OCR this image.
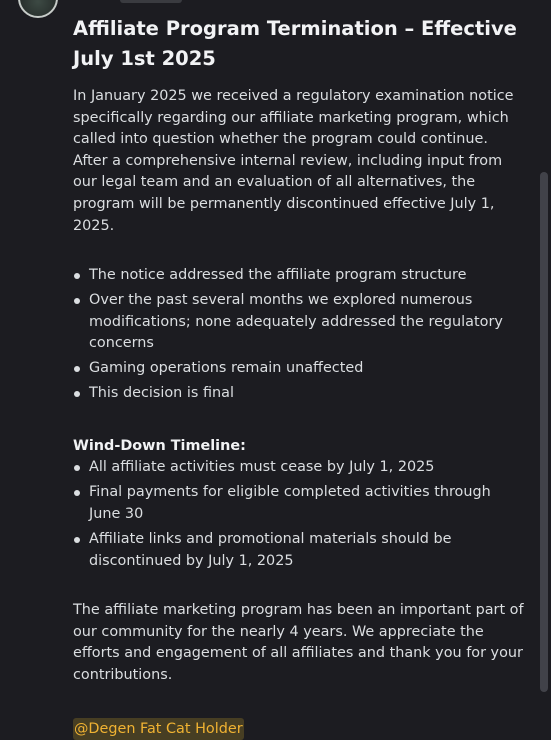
Affiliate Program Termination – Effective July 1st 2025

In January 2025 we received a regulatory examination notice specifically regarding our affiliate marketing program, which called into question whether the program could continue. After a comprehensive internal review, including input from our legal team and an evaluation of all alternatives, the program will be permanently discontinued effective July 1, 2025.

The notice addressed the affiliate program structure
Over the past several months we explored numerous modifications; none adequately addressed the regulatory concerns
Gaming operations remain unaffected
This decision is final
Wind-Down Timeline:
All affiliate activities must cease by July 1, 2025
Final payments for eligible completed activities through June 30
Affiliate links and promotional materials should be discontinued by July 1, 2025

The affiliate marketing program has been an important part of our community for the nearly 4 years. We appreciate the efforts and engagement of all affiliates and thank you for your contributions.

@Degen Fat Cat Holder
